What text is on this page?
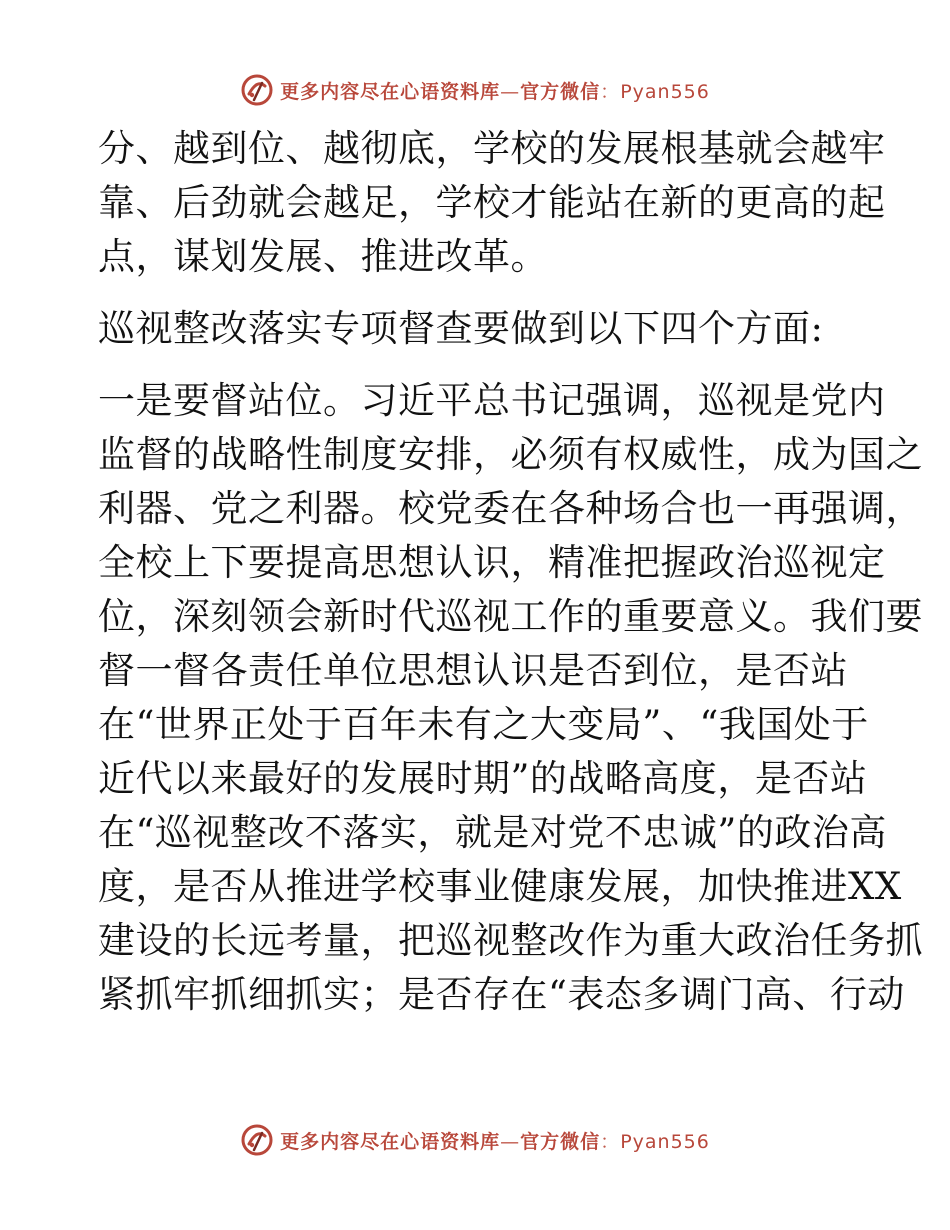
更多内容尽在心语资料库—官方微信：Pyan556
分、越到位、越彻底，学校的发展根基就会越牢
靠、后劲就会越足，学校才能站在新的更高的起
点，谋划发展、推进改革。
巡视整改落实专项督查要做到以下四个方面:
一是要督站位。习近平总书记强调，巡视是党内
监督的战略性制度安排，必须有权威性，成为国之
利器、党之利器。校党委在各种场合也一再强调，
全校上下要提高思想认识，精准把握政治巡视定
位，深刻领会新时代巡视工作的重要意义。我们要
督一督各责任单位思想认识是否到位，是否站
在“世界正处于百年未有之大变局”、“我国处于
近代以来最好的发展时期”的战略高度，是否站
在“巡视整改不落实，就是对党不忠诚”的政治高
度，是否从推进学校事业健康发展，加快推进XX
建设的长远考量，把巡视整改作为重大政治任务抓
紧抓牢抓细抓实；是否存在“表态多调门高、行动
更多内容尽在心语资料库—官方微信：Pyan556
